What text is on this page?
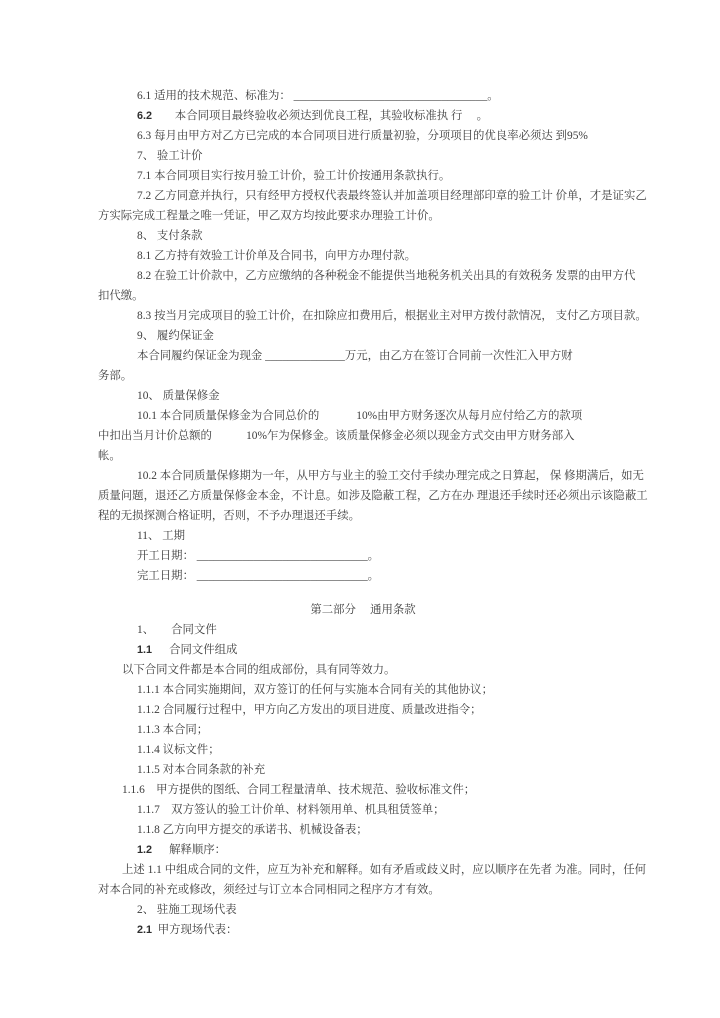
6.1 适用的技术规范、标准为： __________________________________。
6.2　　本合同项目最终验收必须达到优良工程，其验收标准执 行　 。
6.3 每月由甲方对乙方已完成的本合同项目进行质量初验，分项项目的优良率必须达 到95%
7、 验工计价
7.1 本合同项目实行按月验工计价，验工计价按通用条款执行。
7.2 乙方同意并执行，只有经甲方授权代表最终签认并加盖项目经理部印章的验工计 价单，才是证实乙
方实际完成工程量之唯一凭证，甲乙双方均按此要求办理验工计价。
8、 支付条款
8.1 乙方持有效验工计价单及合同书，向甲方办理付款。
8.2 在验工计价款中，乙方应缴纳的各种税金不能提供当地税务机关出具的有效税务 发票的由甲方代
扣代缴。
8.3 按当月完成项目的验工计价，在扣除应扣费用后，根据业主对甲方拨付款情况， 支付乙方项目款。
9、 履约保证金
本合同履约保证金为现金 ______________万元，由乙方在签订合同前一次性汇入甲方财
务部。
10、 质量保修金
10.1 本合同质量保修金为合同总价的　　　 10%由甲方财务逐次从每月应付给乙方的款项
中扣出当月计价总额的　　　10%乍为保修金。该质量保修金必须以现金方式交由甲方财务部入
帐。
10.2 本合同质量保修期为一年，从甲方与业主的验工交付手续办理完成之日算起， 保 修期满后，如无
质量问题，退还乙方质量保修金本金，不计息。如涉及隐蔽工程，乙方在办 理退还手续时还必须出示该隐蔽工
程的无损探测合格证明，否则，不予办理退还手续。
11、 工期
开工日期： ______________________________。
完工日期： ______________________________。
第二部分　 通用条款
1、　　合同文件
1.1　  合同文件组成
以下合同文件都是本合同的组成部份，具有同等效力。
1.1.1 本合同实施期间，双方签订的任何与实施本合同有关的其他协议；
1.1.2 合同履行过程中，甲方向乙方发出的项目进度、质量改进指令；
1.1.3 本合同；
1.1.4 议标文件；
1.1.5 对本合同条款的补充
1.1.6　甲方提供的图纸、合同工程量清单、技术规范、验收标准文件；
1.1.7　双方签认的验工计价单、材料领用单、机具租赁签单；
1.1.8 乙方向甲方提交的承诺书、机械设备表；
1.2　  解释顺序：
上述 1.1 中组成合同的文件，应互为补充和解释。如有矛盾或歧义时，应以顺序在先者 为准。同时，任何
对本合同的补充或修改，须经过与订立本合同相同之程序方才有效。
2、 驻施工现场代表
2.1  甲方现场代表：
